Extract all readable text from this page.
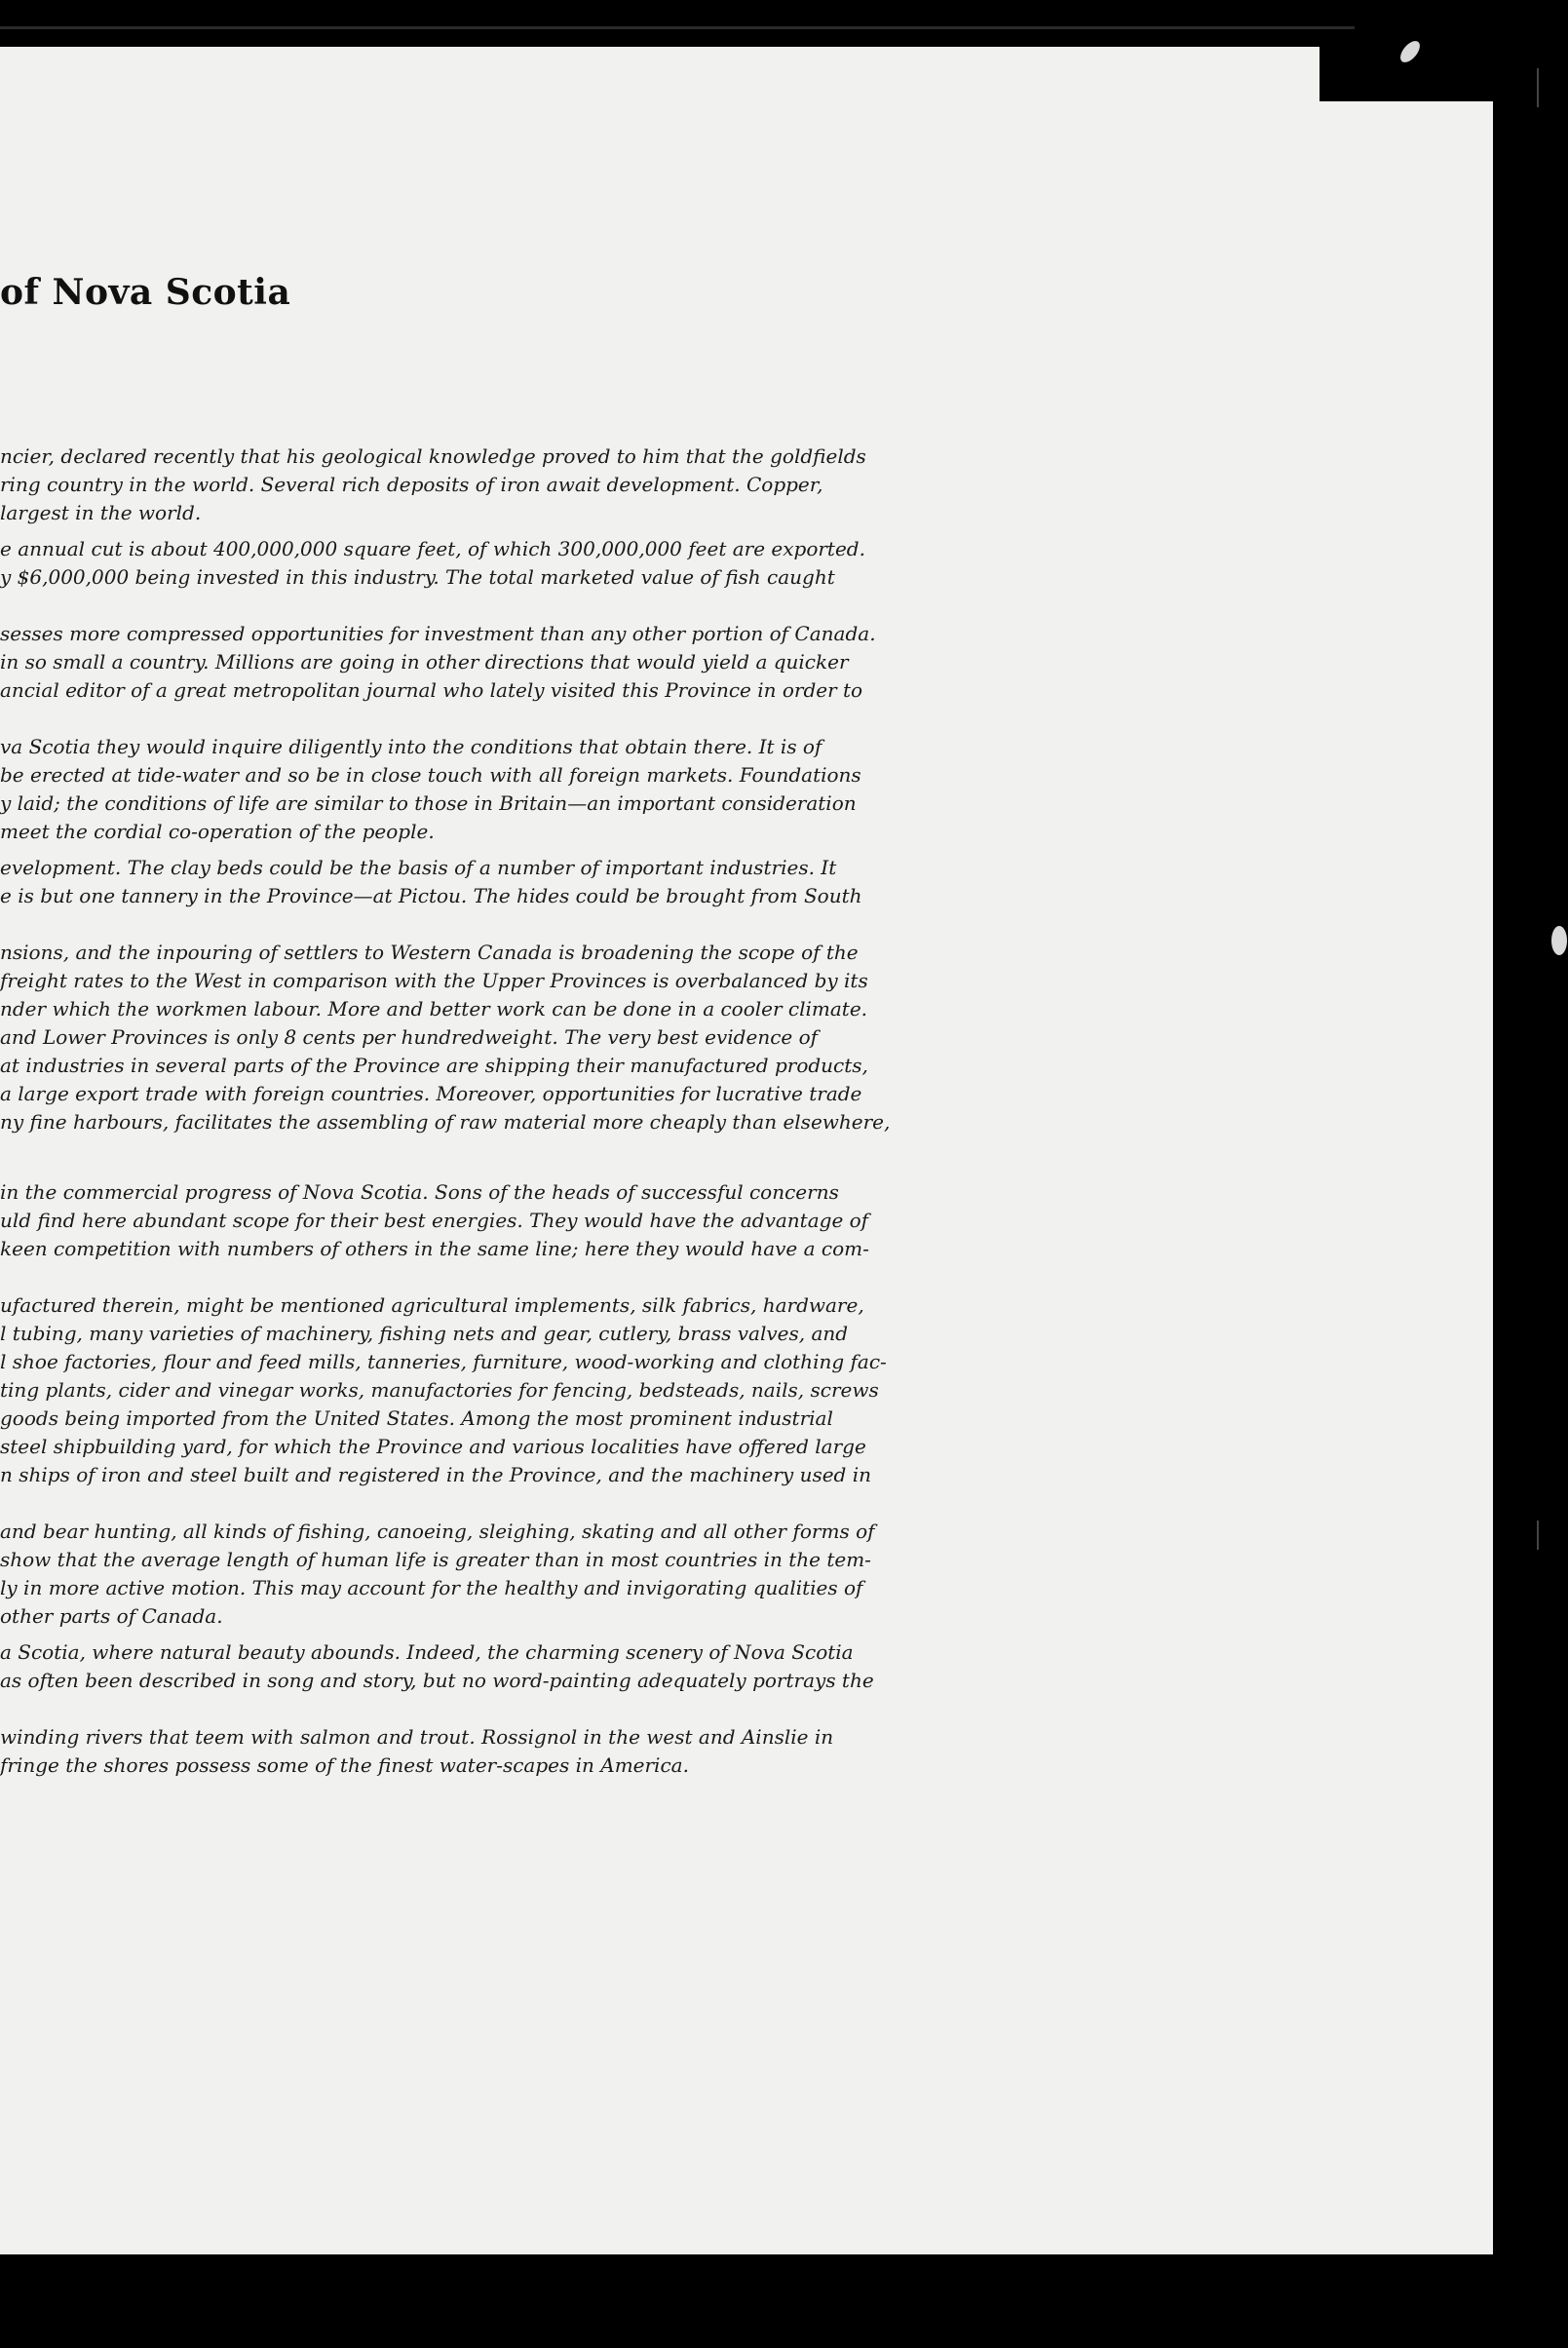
of Nova Scotia
ncier, declared recently that his geological knowledge proved to him that the goldfields
ring country in the world. Several rich deposits of iron await development. Copper,
largest in the world.
e annual cut is about 400,000,000 square feet, of which 300,000,000 feet are exported.
y $6,000,000 being invested in this industry. The total marketed value of fish caught
sesses more compressed opportunities for investment than any other portion of Canada.
in so small a country. Millions are going in other directions that would yield a quicker
ancial editor of a great metropolitan journal who lately visited this Province in order to
va Scotia they would inquire diligently into the conditions that obtain there. It is of
be erected at tide-water and so be in close touch with all foreign markets. Foundations
y laid; the conditions of life are similar to those in Britain—an important consideration
meet the cordial co-operation of the people.
evelopment. The clay beds could be the basis of a number of important industries. It
e is but one tannery in the Province—at Pictou. The hides could be brought from South
nsions, and the inpouring of settlers to Western Canada is broadening the scope of the
freight rates to the West in comparison with the Upper Provinces is overbalanced by its
nder which the workmen labour. More and better work can be done in a cooler climate.
and Lower Provinces is only 8 cents per hundredweight. The very best evidence of
at industries in several parts of the Province are shipping their manufactured products,
a large export trade with foreign countries. Moreover, opportunities for lucrative trade
ny fine harbours, facilitates the assembling of raw material more cheaply than elsewhere,
in the commercial progress of Nova Scotia. Sons of the heads of successful concerns
uld find here abundant scope for their best energies. They would have the advantage of
keen competition with numbers of others in the same line; here they would have a com-
ufactured therein, might be mentioned agricultural implements, silk fabrics, hardware,
l tubing, many varieties of machinery, fishing nets and gear, cutlery, brass valves, and
l shoe factories, flour and feed mills, tanneries, furniture, wood-working and clothing fac-
ting plants, cider and vinegar works, manufactories for fencing, bedsteads, nails, screws
goods being imported from the United States. Among the most prominent industrial
steel shipbuilding yard, for which the Province and various localities have offered large
n ships of iron and steel built and registered in the Province, and the machinery used in
and bear hunting, all kinds of fishing, canoeing, sleighing, skating and all other forms of
show that the average length of human life is greater than in most countries in the tem-
ly in more active motion. This may account for the healthy and invigorating qualities of
other parts of Canada.
a Scotia, where natural beauty abounds. Indeed, the charming scenery of Nova Scotia
as often been described in song and story, but no word-painting adequately portrays the
winding rivers that teem with salmon and trout. Rossignol in the west and Ainslie in
fringe the shores possess some of the finest water-scapes in America.
